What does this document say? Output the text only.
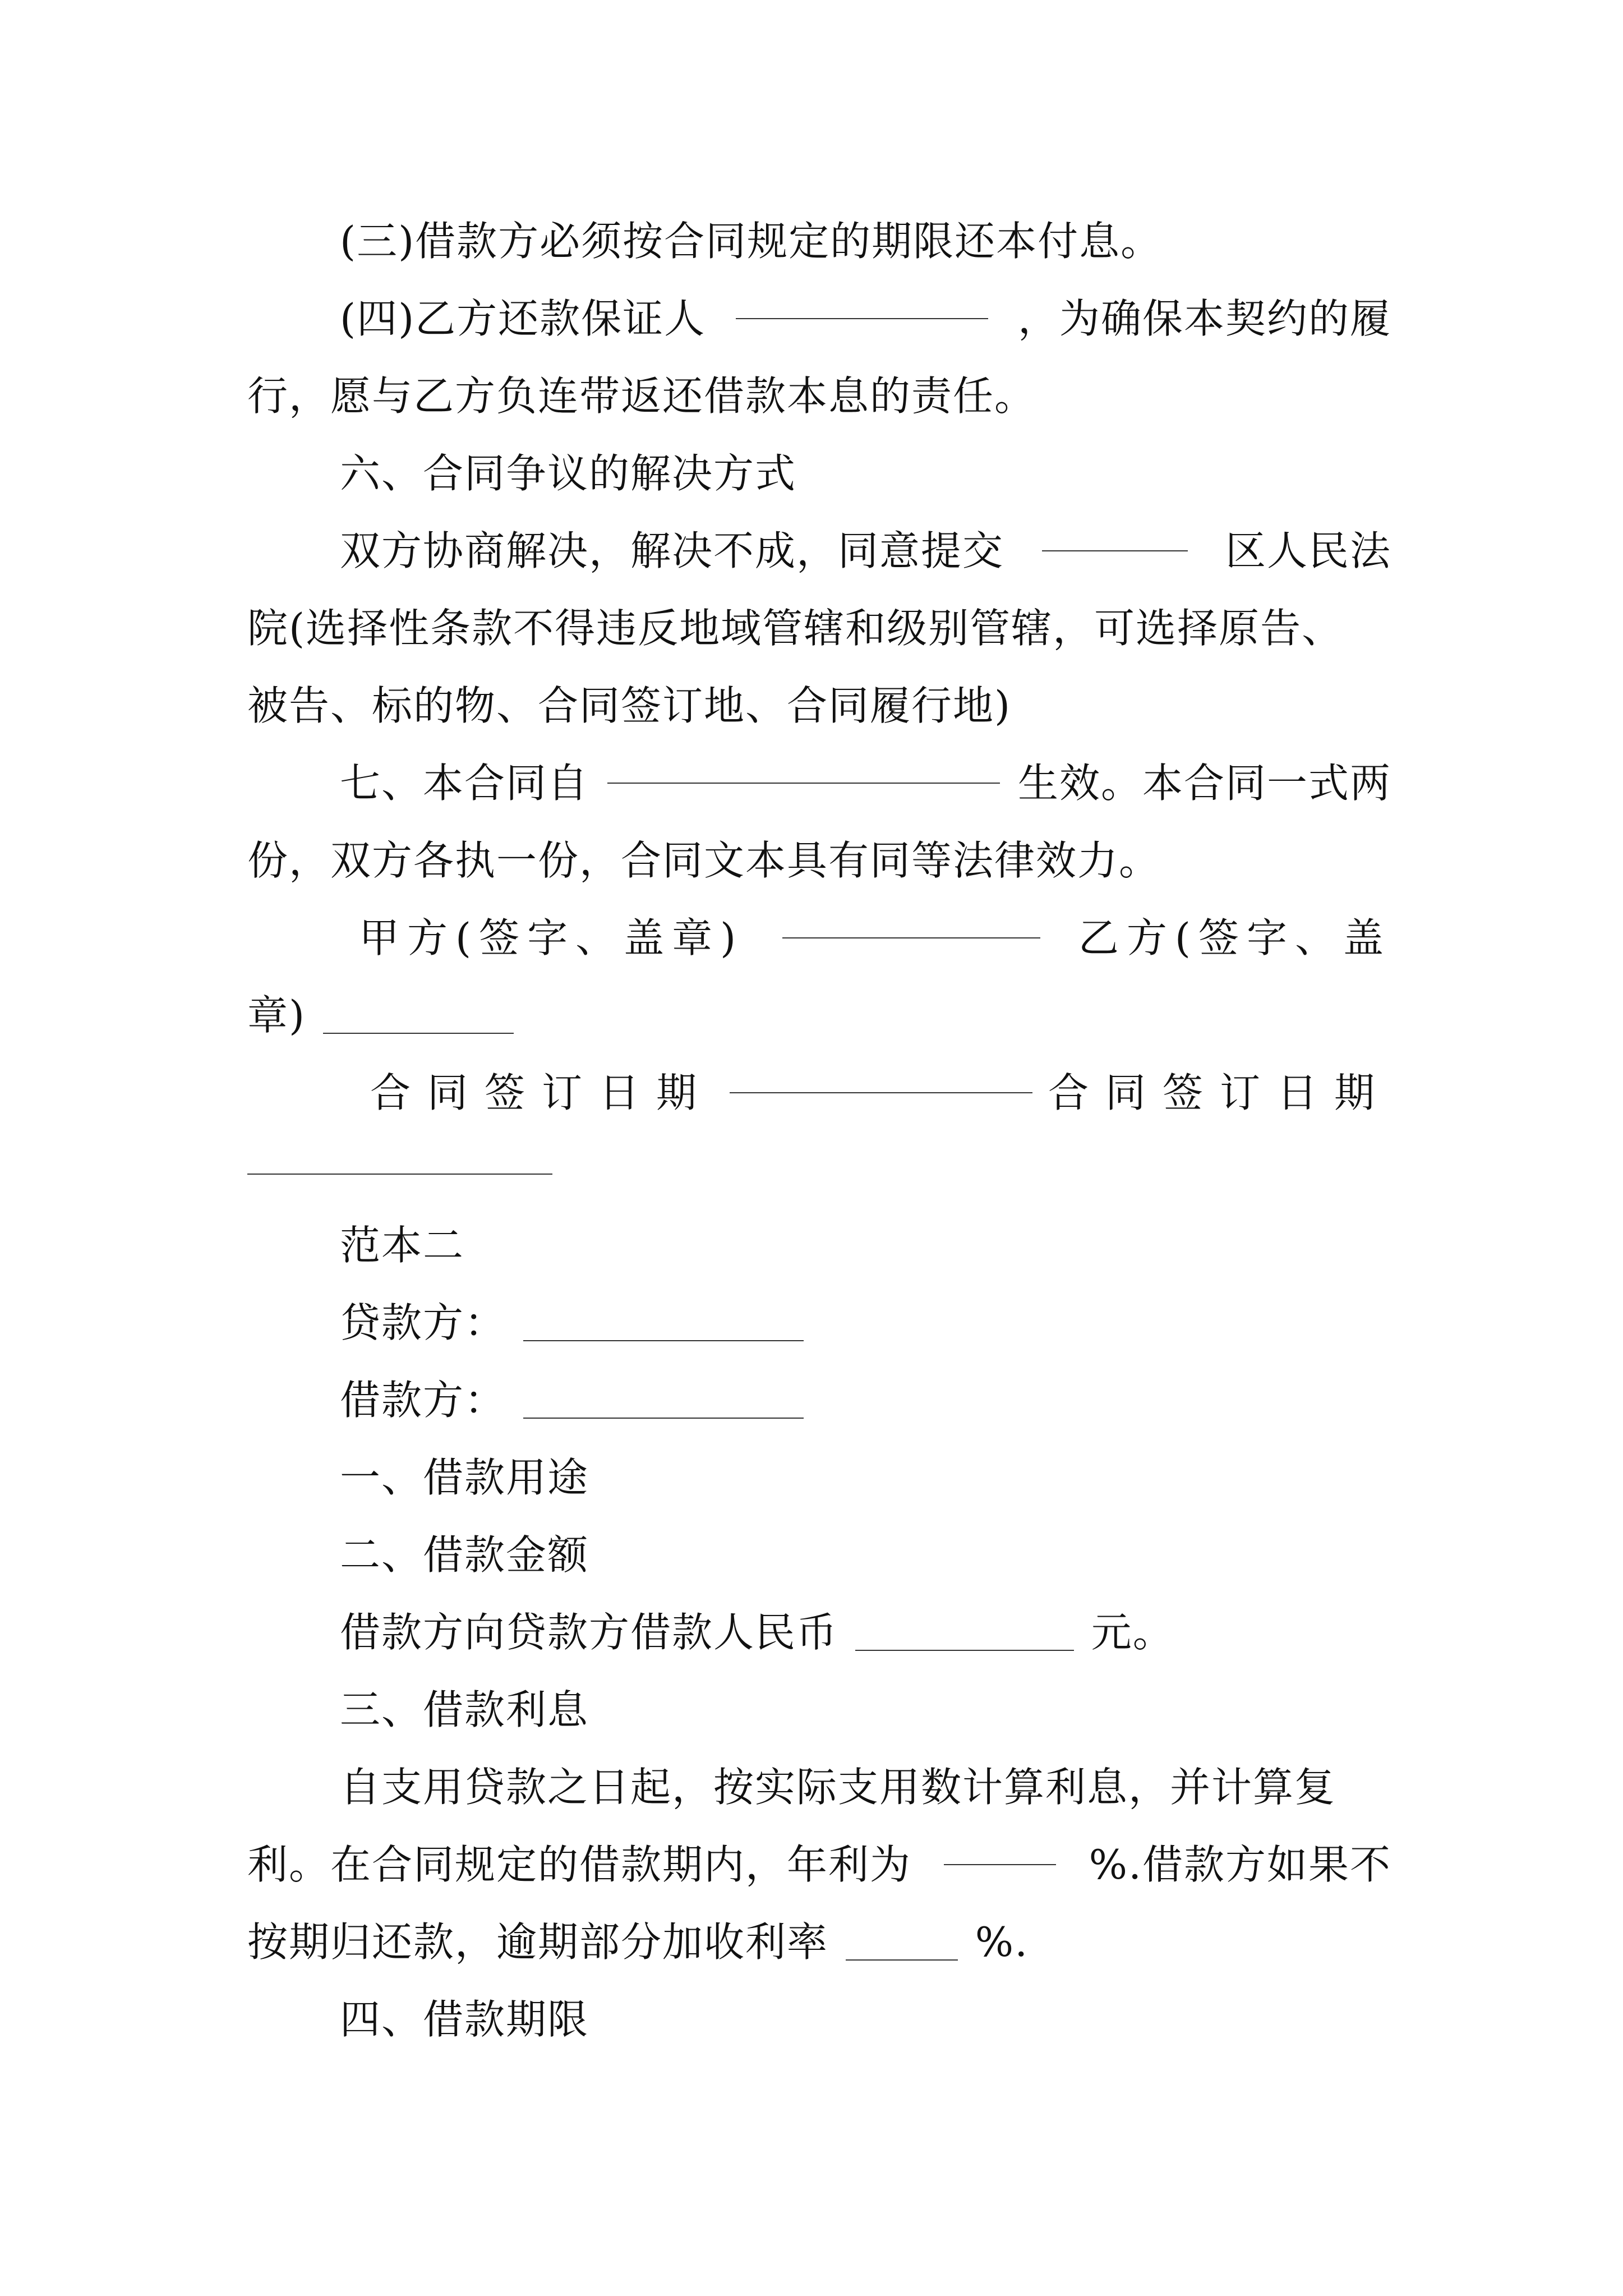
(三)借款方必须按合同规定的期限还本付息。
(四)乙方还款保证人	，为确保本契约的履
行，愿与乙方负连带返还借款本息的责任。
六、合同争议的解决方式
双方协商解决，解决不成，同意提交	区人民法
院(选择性条款不得违反地域管辖和级别管辖，可选择原告、
被告、标的物、合同签订地、合同履行地)
七、本合同自	生效。本合同一式两
份，双方各执一份，合同文本具有同等法律效力。
甲方(签字、盖章)	乙方(签字、盖
章)
合同签订日期	合同签订日期
范本二
贷款方：
借款方：
一、借款用途
二、借款金额
借款方向贷款方借款人民币	元。
三、借款利息
自支用贷款之日起，按实际支用数计算利息，并计算复
利。在合同规定的借款期内，年利为	%.借款方如果不
按期归还款，逾期部分加收利率	%.
四、借款期限
